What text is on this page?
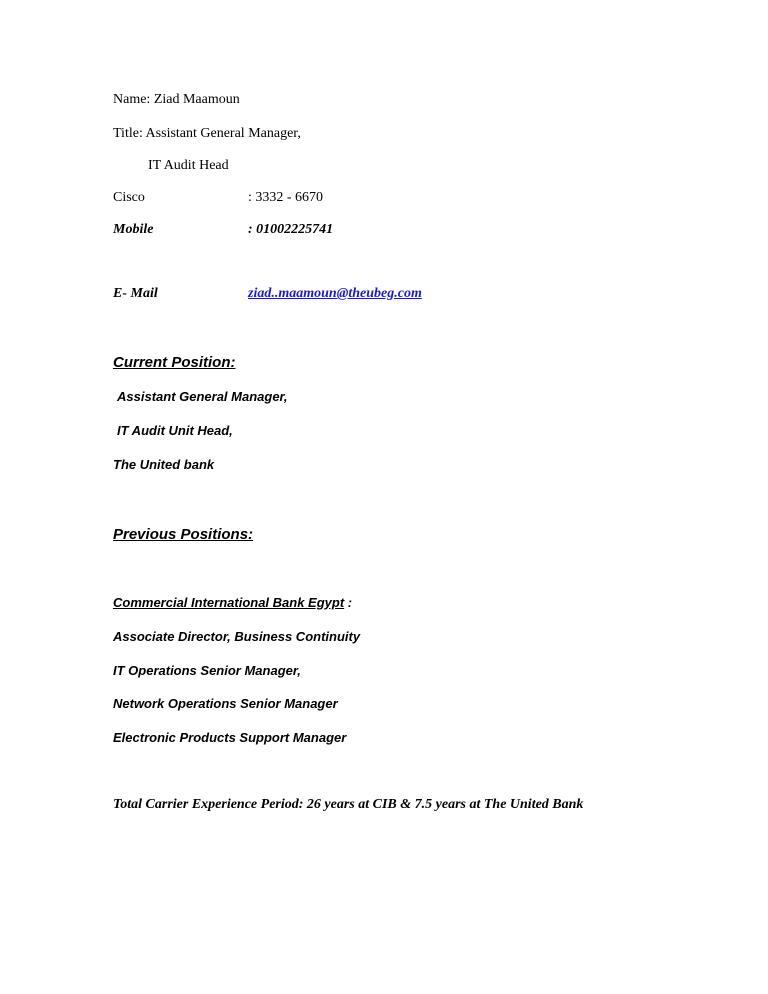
Name: Ziad Maamoun
Title: Assistant General Manager,
IT Audit Head
Cisco	: 3332 - 6670
Mobile	: 01002225741
E- Mail	ziad..maamoun@theubeg.com
Current Position:
Assistant General Manager,
IT Audit Unit Head,
The United bank
Previous Positions:
Commercial International Bank Egypt :
Associate Director, Business Continuity
IT Operations Senior Manager,
Network Operations Senior Manager
Electronic Products Support Manager
Total Carrier Experience Period: 26 years at CIB & 7.5 years at The United Bank
